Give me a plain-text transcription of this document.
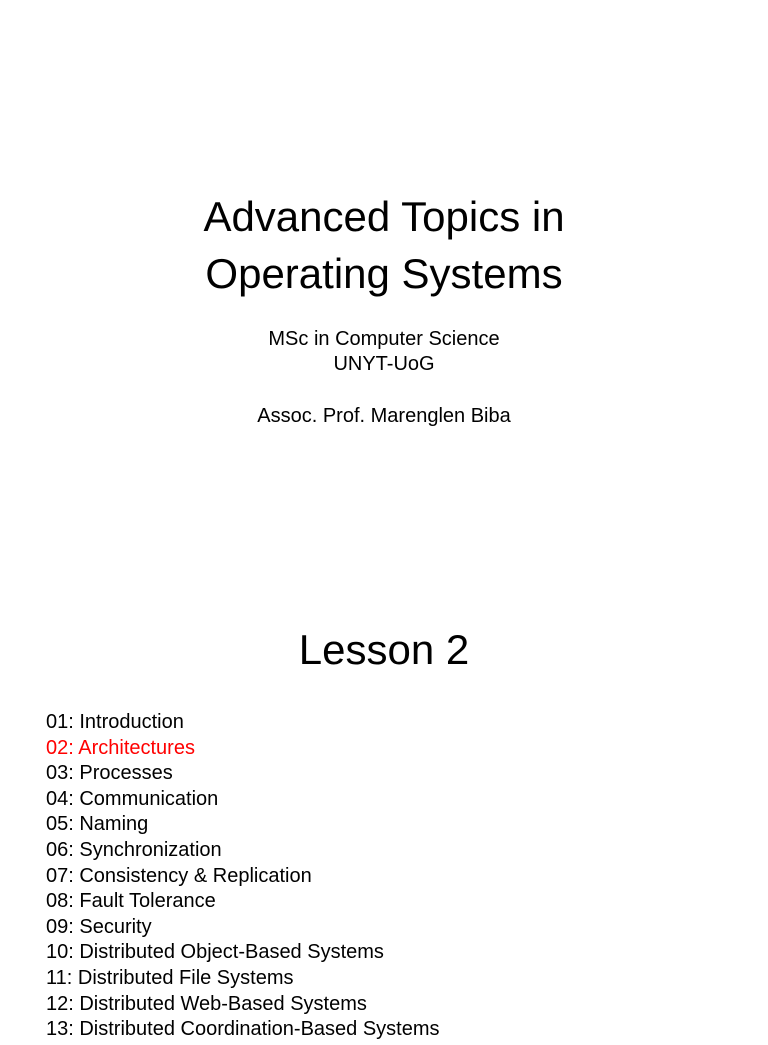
Advanced Topics in
Operating Systems
MSc in Computer Science
UNYT-UoG
Assoc. Prof. Marenglen Biba
Lesson 2
01: Introduction
02: Architectures
03: Processes
04: Communication
05: Naming
06: Synchronization
07: Consistency & Replication
08: Fault Tolerance
09: Security
10: Distributed Object-Based Systems
11: Distributed File Systems
12: Distributed Web-Based Systems
13: Distributed Coordination-Based Systems
